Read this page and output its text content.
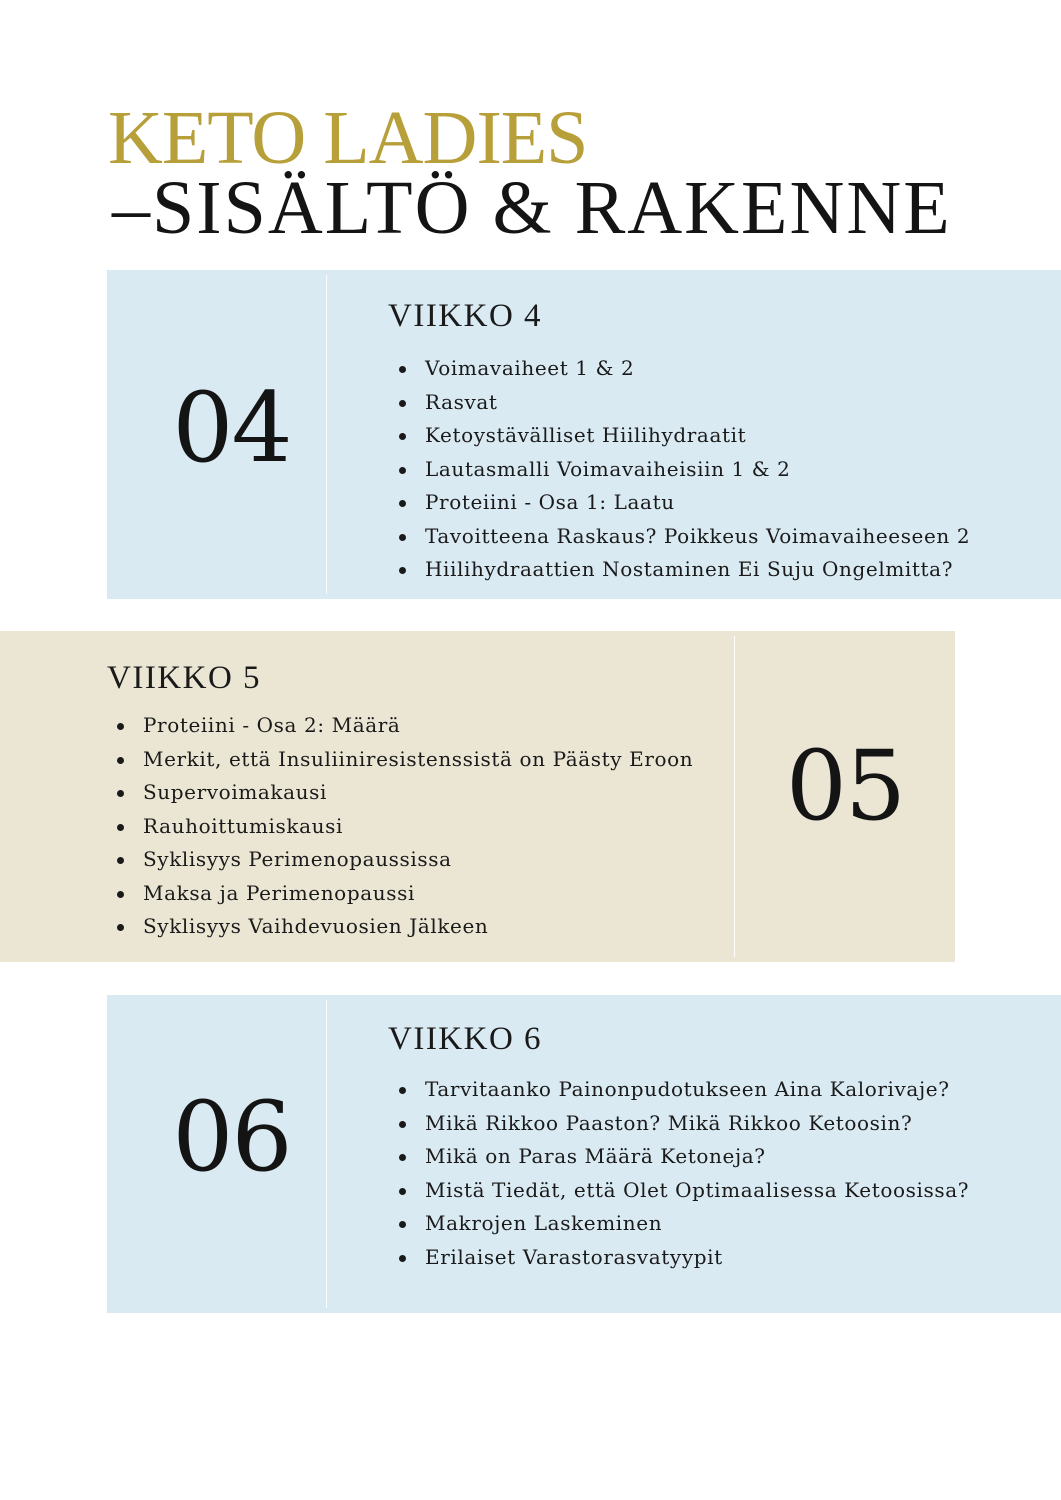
KETO LADIES
–SISÄLTÖ & RAKENNE
04
VIIKKO 4
Voimavaiheet 1 & 2
Rasvat
Ketoystävälliset Hiilihydraatit
Lautasmalli Voimavaiheisiin 1 & 2
Proteiini - Osa 1: Laatu
Tavoitteena Raskaus? Poikkeus Voimavaiheeseen 2
Hiilihydraattien Nostaminen Ei Suju Ongelmitta?
VIIKKO 5
Proteiini - Osa 2: Määrä
Merkit, että Insuliiniresistenssistä on Päästy Eroon
Supervoimakausi
Rauhoittumiskausi
Syklisyys Perimenopaussissa
Maksa ja Perimenopaussi
Syklisyys Vaihdevuosien Jälkeen
05
06
VIIKKO 6
Tarvitaanko Painonpudotukseen Aina Kalorivaje?
Mikä Rikkoo Paaston? Mikä Rikkoo Ketoosin?
Mikä on Paras Määrä Ketoneja?
Mistä Tiedät, että Olet Optimaalisessa Ketoosissa?
Makrojen Laskeminen
Erilaiset Varastorasvatyypit
